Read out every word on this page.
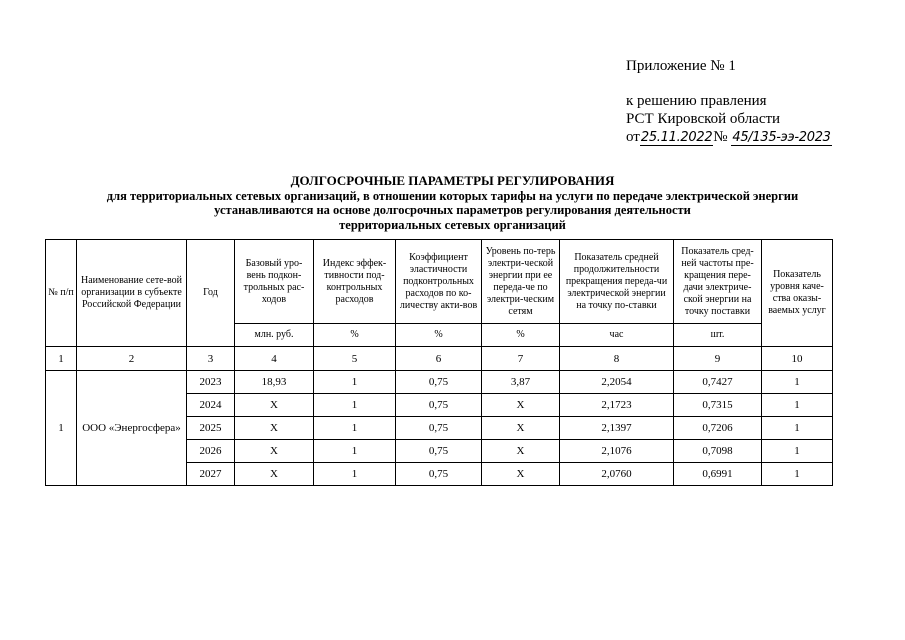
Приложение № 1
к решению правления
РСТ Кировской области
от25.11.2022№ 45/135-ээ-2023
ДОЛГОСРОЧНЫЕ ПАРАМЕТРЫ РЕГУЛИРОВАНИЯ
для территориальных сетевых организаций, в отношении которых тарифы на услуги по передаче электрической энергии
устанавливаются на основе долгосрочных параметров регулирования деятельности
территориальных сетевых организаций
№ п/п	Наименование сете-вой организации в субъекте Российской Федерации	Год	Базовый уро-вень подкон-трольных рас-ходов	Индекс эффек-тивности под-контрольных расходов	Коэффициент эластичности подконтрольных расходов по ко-личеству акти-вов	Уровень по-терь электри-ческой энергии при ее переда-че по электри-ческим сетям	Показатель средней продолжительности прекращения переда-чи электрической энергии на точку по-ставки	Показатель сред-ней частоты пре-кращения пере-дачи электриче-ской энергии на точку поставки	Показатель уровня каче-ства оказы-ваемых услуг
			млн. руб.	%	%	%	час	шт.	
1	2	3	4	5	6	7	8	9	10
1	ООО «Энергосфера»	2023	18,93	1	0,75	3,87	2,2054	0,7427	1
		2024	X	1	0,75	X	2,1723	0,7315	1
		2025	X	1	0,75	X	2,1397	0,7206	1
		2026	X	1	0,75	X	2,1076	0,7098	1
		2027	X	1	0,75	X	2,0760	0,6991	1
